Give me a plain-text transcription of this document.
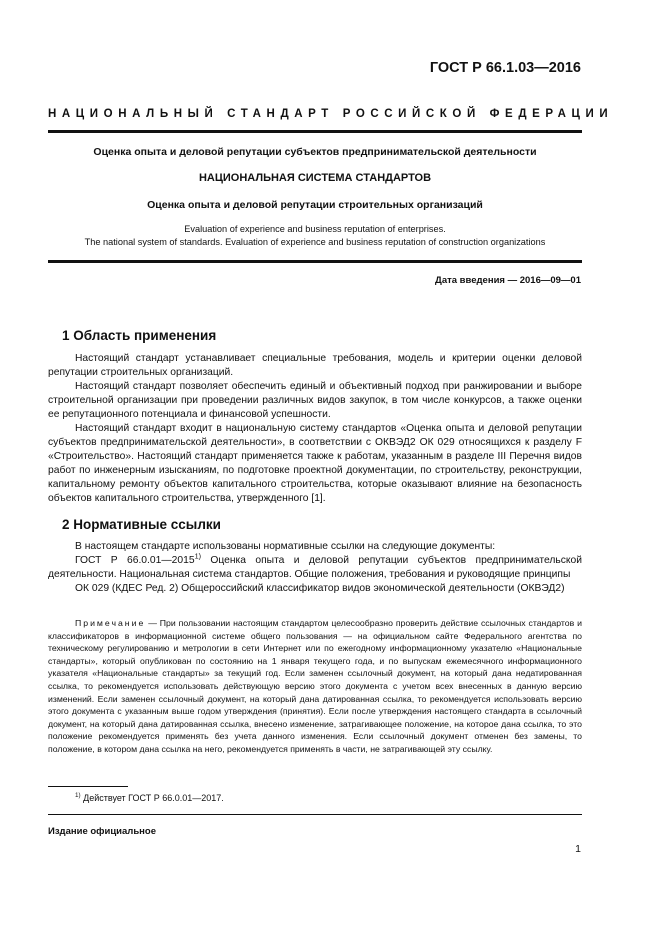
ГОСТ Р 66.1.03—2016
НАЦИОНАЛЬНЫЙ СТАНДАРТ РОССИЙСКОЙ ФЕДЕРАЦИИ
Оценка опыта и деловой репутации субъектов предпринимательской деятельности
НАЦИОНАЛЬНАЯ СИСТЕМА СТАНДАРТОВ
Оценка опыта и деловой репутации строительных организаций
Evaluation of experience and business reputation of enterprises.
The national system of standards. Evaluation of experience and business reputation of construction organizations
Дата введения — 2016—09—01
1 Область применения

Настоящий стандарт устанавливает специальные требования, модель и критерии оценки деловой репутации строительных организаций.

Настоящий стандарт позволяет обеспечить единый и объективный подход при ранжировании и выборе строительной организации при проведении различных видов закупок, в том числе конкурсов, а также оценки ее репутационного потенциала и финансовой успешности.

Настоящий стандарт входит в национальную систему стандартов «Оценка опыта и деловой репутации субъектов предпринимательской деятельности», в соответствии с ОКВЭД2 ОК 029 относящихся к разделу F «Строительство». Настоящий стандарт применяется также к работам, указанным в разделе III Перечня видов работ по инженерным изысканиям, по подготовке проектной документации, по строительству, реконструкции, капитальному ремонту объектов капитального строительства, которые оказывают влияние на безопасность объектов капитального строительства, утвержденного [1].

2 Нормативные ссылки

В настоящем стандарте использованы нормативные ссылки на следующие документы:

ГОСТ Р 66.0.01—2015$^{1)}$ Оценка опыта и деловой репутации субъектов предпринимательской деятельности. Национальная система стандартов. Общие положения, требования и руководящие принципы

ОК 029 (КДЕС Ред. 2) Общероссийский классификатор видов экономической деятельности (ОКВЭД2)

Примечание — При пользовании настоящим стандартом целесообразно проверить действие ссылочных стандартов и классификаторов в информационной системе общего пользования — на официальном сайте Федерального агентства по техническому регулированию и метрологии в сети Интернет или по ежегодному информационному указателю «Национальные стандарты», который опубликован по состоянию на 1 января текущего года, и по выпускам ежемесячного информационного указателя «Национальные стандарты» за текущий год. Если заменен ссылочный документ, на который дана недатированная ссылка, то рекомендуется использовать действующую версию этого документа с учетом всех внесенных в данную версию изменений. Если заменен ссылочный документ, на который дана датированная ссылка, то рекомендуется использовать версию этого документа с указанным выше годом утверждения (принятия). Если после утверждения настоящего стандарта в ссылочный документ, на который дана датированная ссылка, внесено изменение, затрагивающее положение, на которое дана ссылка, то это положение рекомендуется применять без учета данного изменения. Если ссылочный документ отменен без замены, то положение, в котором дана ссылка на него, рекомендуется применять в части, не затрагивающей эту ссылку.

$^{1)}$ Действует ГОСТ Р 66.0.01—2017.
Издание официальное
1
